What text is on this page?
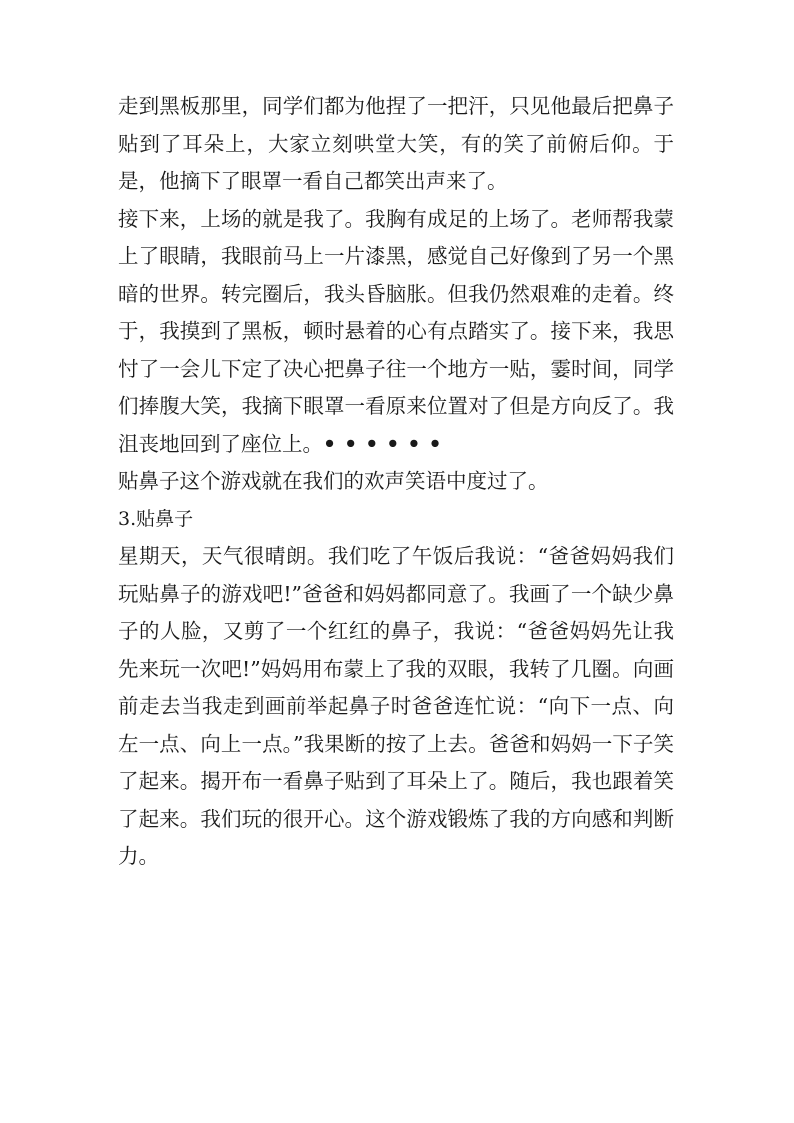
走到黑板那里，同学们都为他捏了一把汗，只见他最后把鼻子贴到了耳朵上，大家立刻哄堂大笑，有的笑了前俯后仰。于是，他摘下了眼罩一看自己都笑出声来了。

接下来，上场的就是我了。我胸有成足的上场了。老师帮我蒙上了眼睛，我眼前马上一片漆黑，感觉自己好像到了另一个黑暗的世界。转完圈后，我头昏脑胀。但我仍然艰难的走着。终于，我摸到了黑板，顿时悬着的心有点踏实了。接下来，我思忖了一会儿下定了决心把鼻子往一个地方一贴，霎时间，同学们捧腹大笑，我摘下眼罩一看原来位置对了但是方向反了。我沮丧地回到了座位上。••••••

贴鼻子这个游戏就在我们的欢声笑语中度过了。

3.贴鼻子

星期天，天气很晴朗。我们吃了午饭后我说：“爸爸妈妈我们玩贴鼻子的游戏吧!”爸爸和妈妈都同意了。我画了一个缺少鼻子的人脸，又剪了一个红红的鼻子，我说：“爸爸妈妈先让我先来玩一次吧!”妈妈用布蒙上了我的双眼，我转了几圈。向画前走去当我走到画前举起鼻子时爸爸连忙说：“向下一点、向左一点、向上一点。”我果断的按了上去。爸爸和妈妈一下子笑了起来。揭开布一看鼻子贴到了耳朵上了。随后，我也跟着笑了起来。我们玩的很开心。这个游戏锻炼了我的方向感和判断力。
